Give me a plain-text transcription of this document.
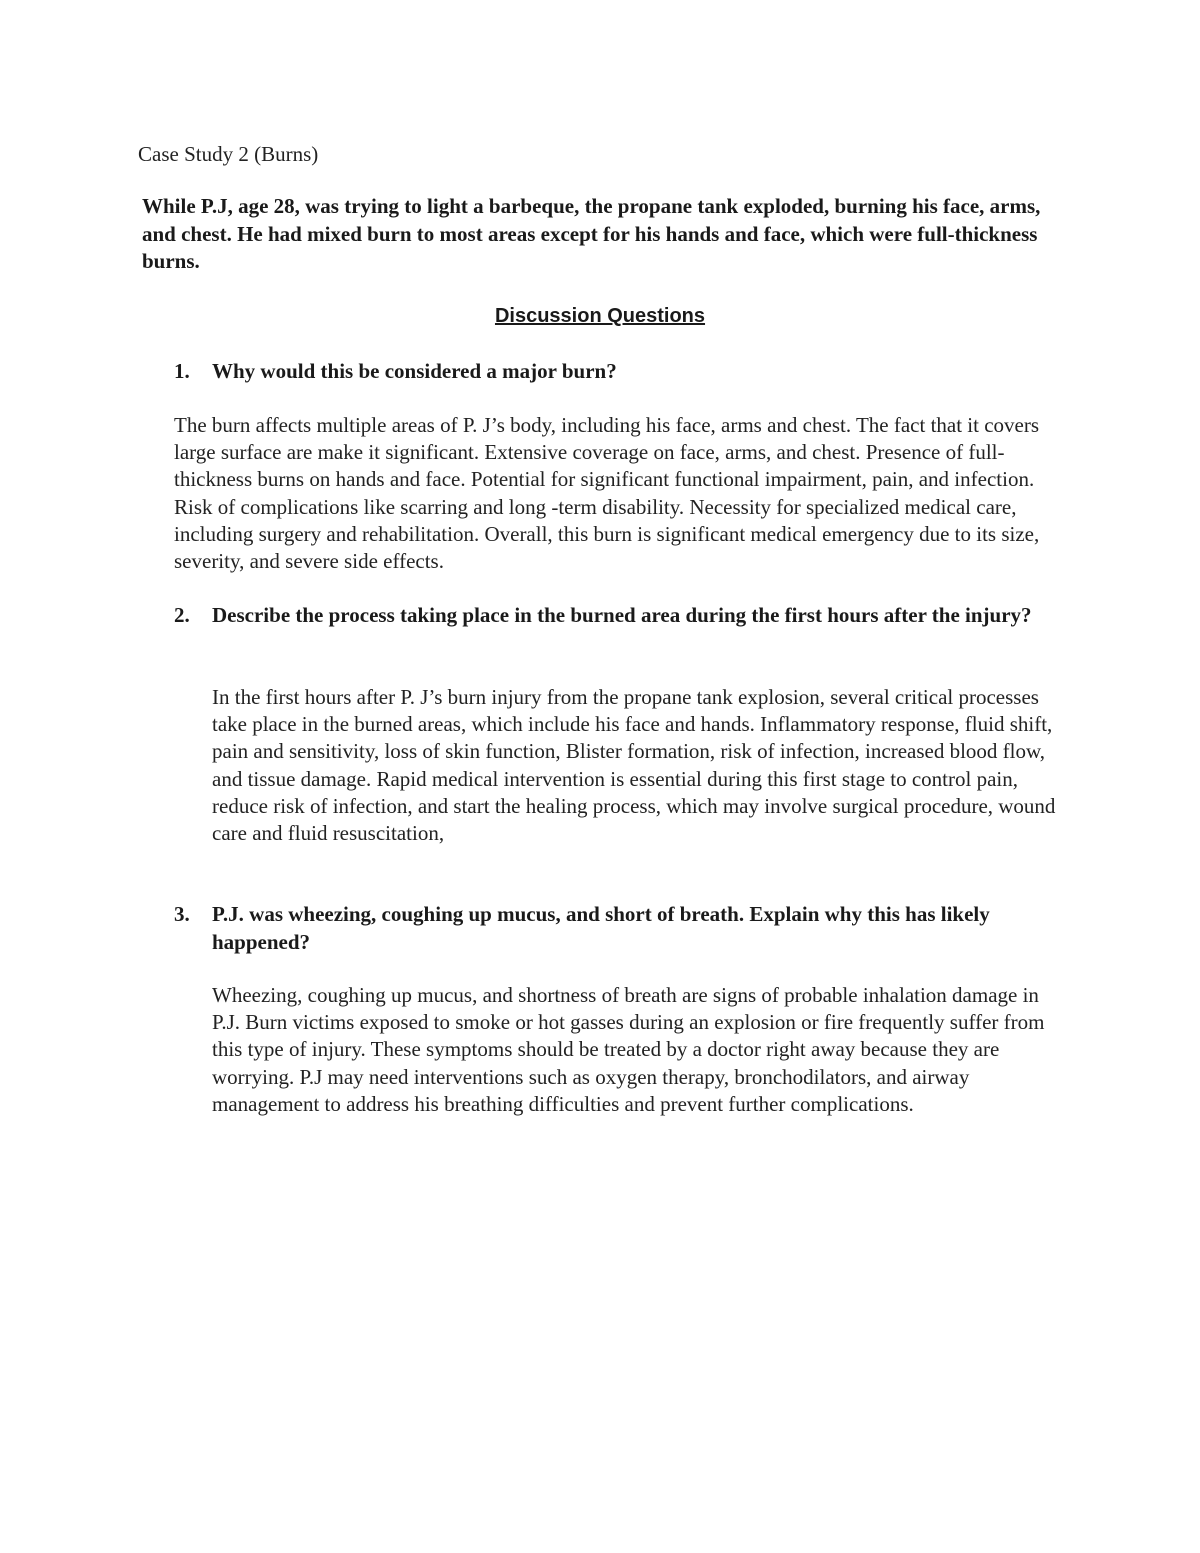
Case Study 2 (Burns)
While P.J, age 28, was trying to light a barbeque, the propane tank exploded, burning his face, arms, and chest. He had mixed burn to most areas except for his hands and face, which were full-thickness burns.
Discussion Questions
1. Why would this be considered a major burn?
The burn affects multiple areas of P. J’s body, including his face, arms and chest. The fact that it covers large surface are make it significant. Extensive coverage on face, arms, and chest. Presence of full- thickness burns on hands and face. Potential for significant functional impairment, pain, and infection. Risk of complications like scarring and long -term disability. Necessity for specialized medical care, including surgery and rehabilitation. Overall, this burn is significant medical emergency due to its size, severity, and severe side effects.
2. Describe the process taking place in the burned area during the first hours after the injury?
In the first hours after P. J’s burn injury from the propane tank explosion, several critical processes take place in the burned areas, which include his face and hands. Inflammatory response, fluid shift, pain and sensitivity, loss of skin function, Blister formation, risk of infection, increased blood flow, and tissue damage. Rapid medical intervention is essential during this first stage to control pain, reduce risk of infection, and start the healing process, which may involve surgical procedure, wound care and fluid resuscitation,
3. P.J. was wheezing, coughing up mucus, and short of breath. Explain why this has likely happened?
Wheezing, coughing up mucus, and shortness of breath are signs of probable inhalation damage in P.J. Burn victims exposed to smoke or hot gasses during an explosion or fire frequently suffer from this type of injury. These symptoms should be treated by a doctor right away because they are worrying. P.J may need interventions such as oxygen therapy, bronchodilators, and airway management to address his breathing difficulties and prevent further complications.
